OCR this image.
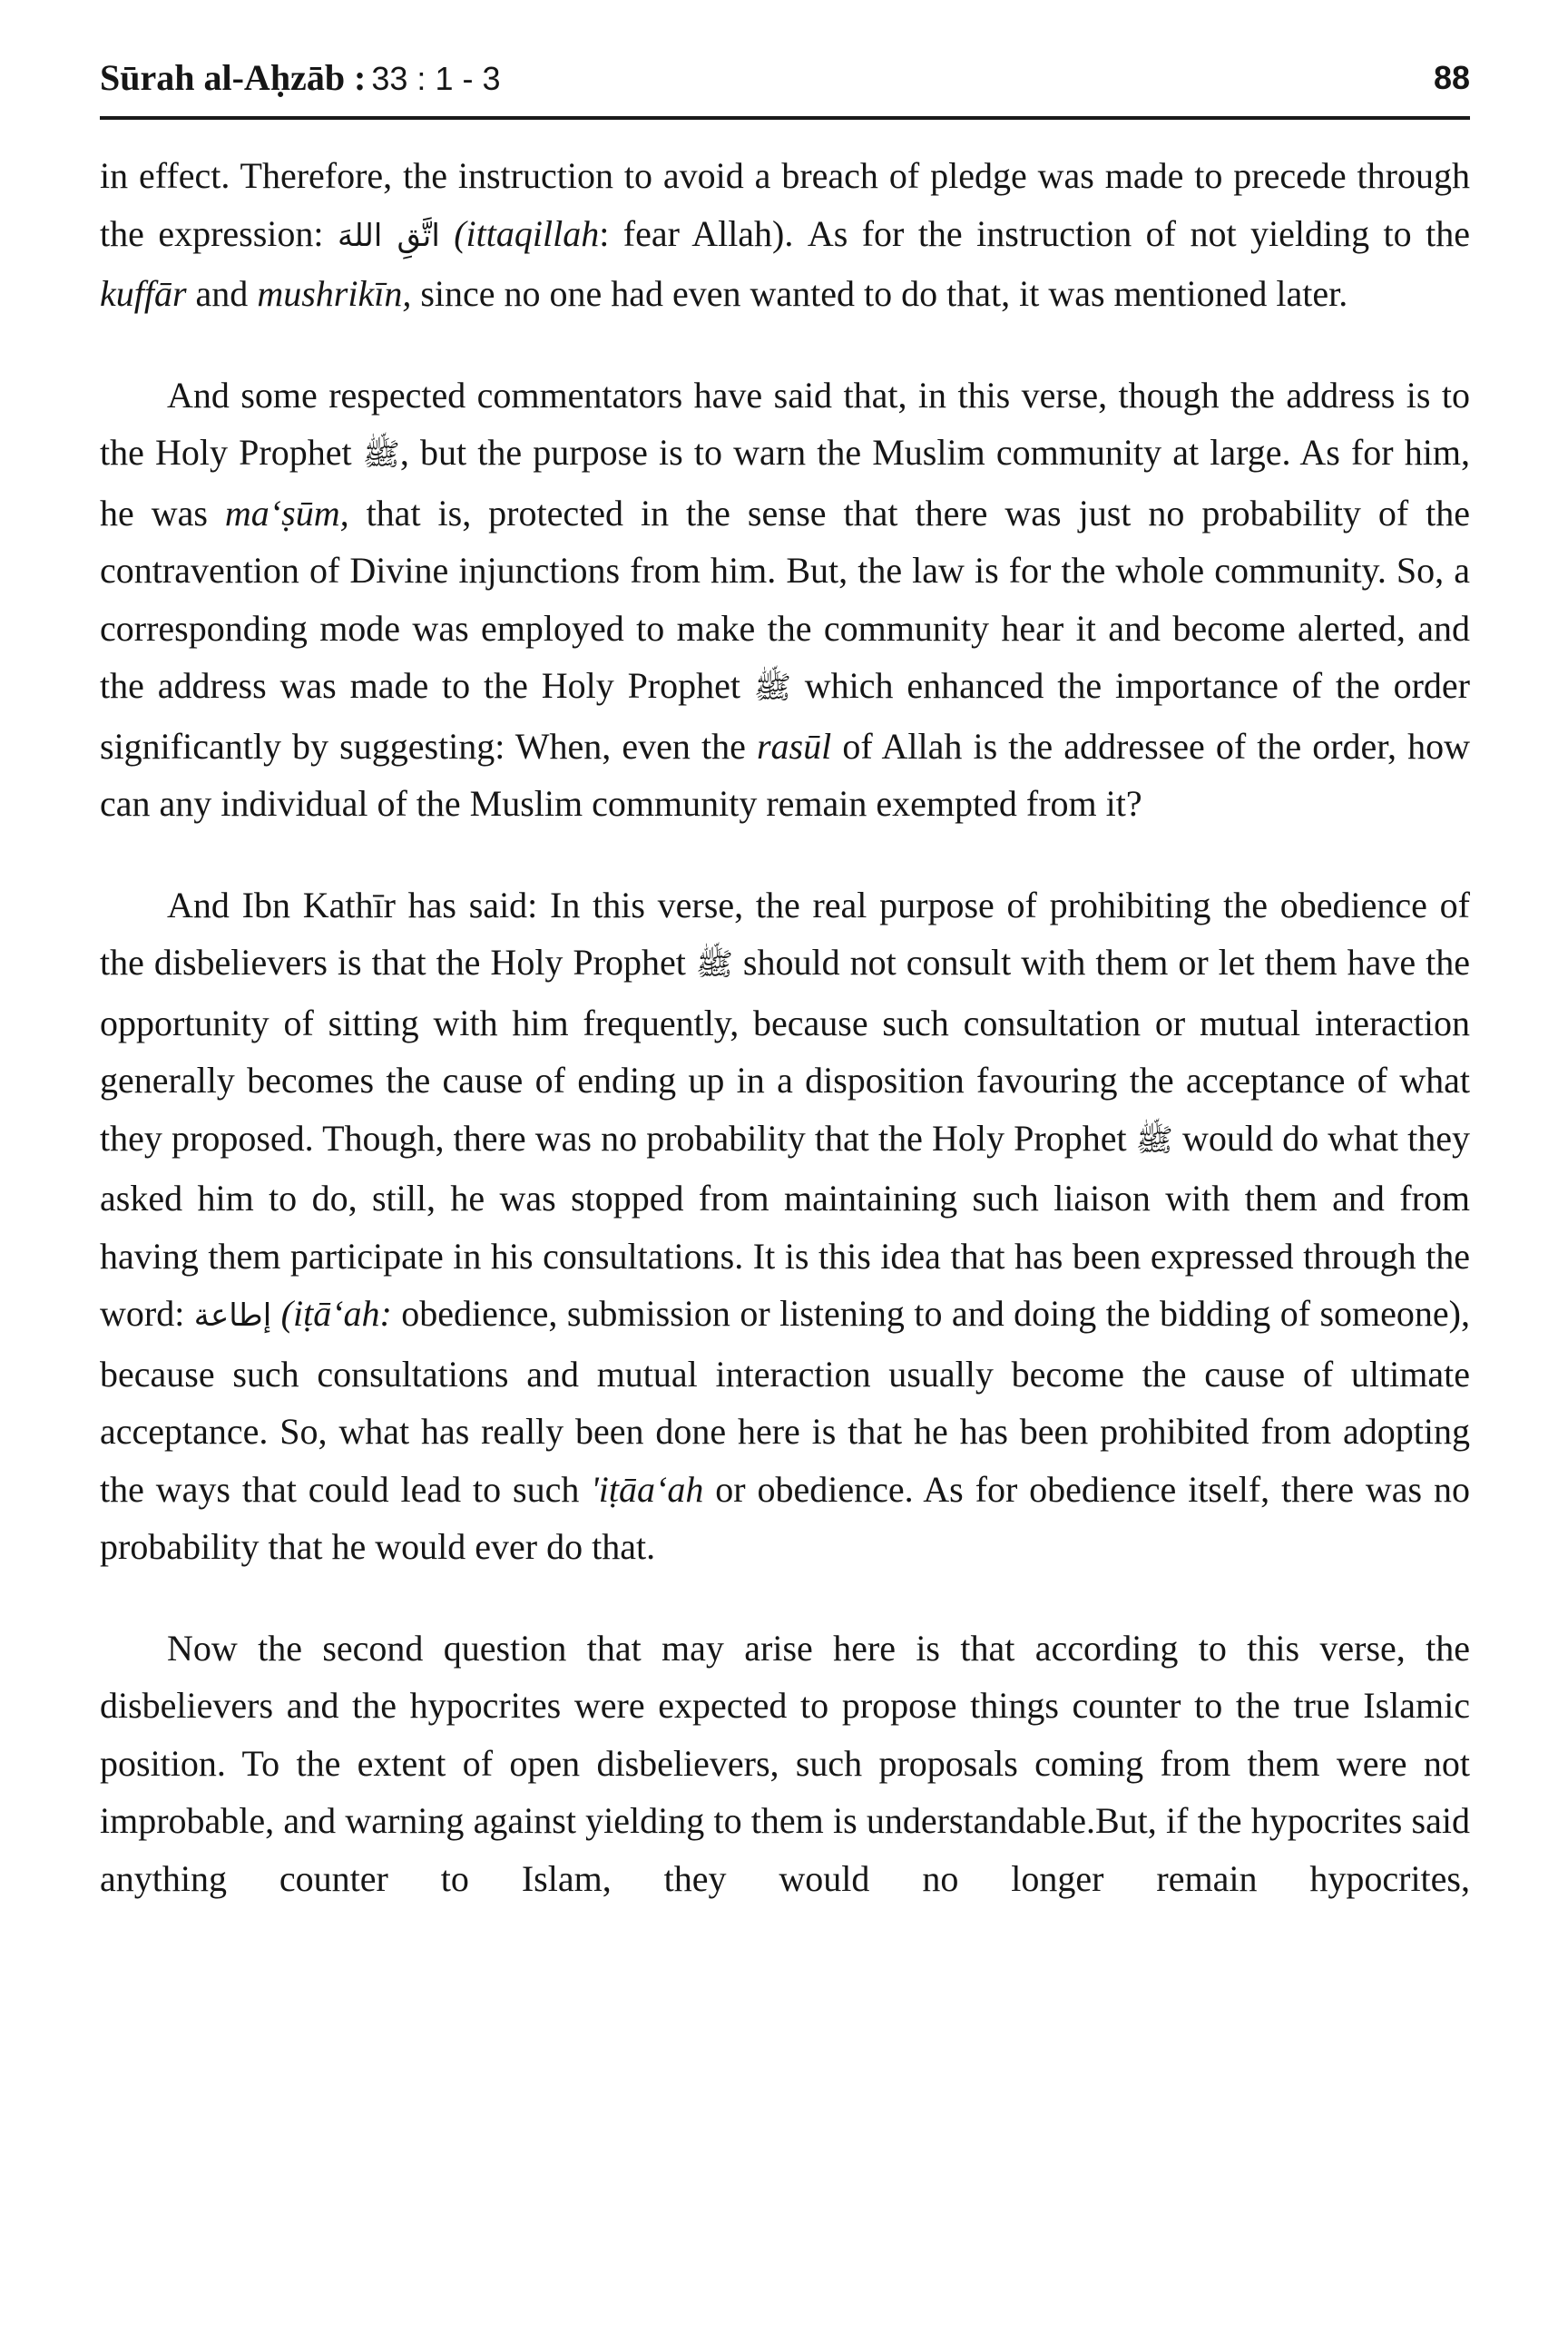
Sūrah al-Aḥzāb : 33 : 1 - 3	88

in effect. Therefore, the instruction to avoid a breach of pledge was made to precede through the expression: اتَّقِ اللهَ (ittaqillah: fear Allah). As for the instruction of not yielding to the kuffār and mushrikīn, since no one had even wanted to do that, it was mentioned later.

And some respected commentators have said that, in this verse, though the address is to the Holy Prophet ﷺ, but the purpose is to warn the Muslim community at large. As for him, he was ma‘ṣūm, that is, protected in the sense that there was just no probability of the contravention of Divine injunctions from him. But, the law is for the whole community. So, a corresponding mode was employed to make the community hear it and become alerted, and the address was made to the Holy Prophet ﷺ which enhanced the importance of the order significantly by suggesting: When, even the rasūl of Allah is the addressee of the order, how can any individual of the Muslim community remain exempted from it?

And Ibn Kathīr has said: In this verse, the real purpose of prohibiting the obedience of the disbelievers is that the Holy Prophet ﷺ should not consult with them or let them have the opportunity of sitting with him frequently, because such consultation or mutual interaction generally becomes the cause of ending up in a disposition favouring the acceptance of what they proposed. Though, there was no probability that the Holy Prophet ﷺ would do what they asked him to do, still, he was stopped from maintaining such liaison with them and from having them participate in his consultations. It is this idea that has been expressed through the word: إطاعة (iṭā‘ah: obedience, submission or listening to and doing the bidding of someone), because such consultations and mutual interaction usually become the cause of ultimate acceptance. So, what has really been done here is that he has been prohibited from adopting the ways that could lead to such 'iṭāa‘ah or obedience. As for obedience itself, there was no probability that he would ever do that.

Now the second question that may arise here is that according to this verse, the disbelievers and the hypocrites were expected to propose things counter to the true Islamic position. To the extent of open disbelievers, such proposals coming from them were not improbable, and warning against yielding to them is understandable.But, if the hypocrites said anything counter to Islam, they would no longer remain hypocrites,
